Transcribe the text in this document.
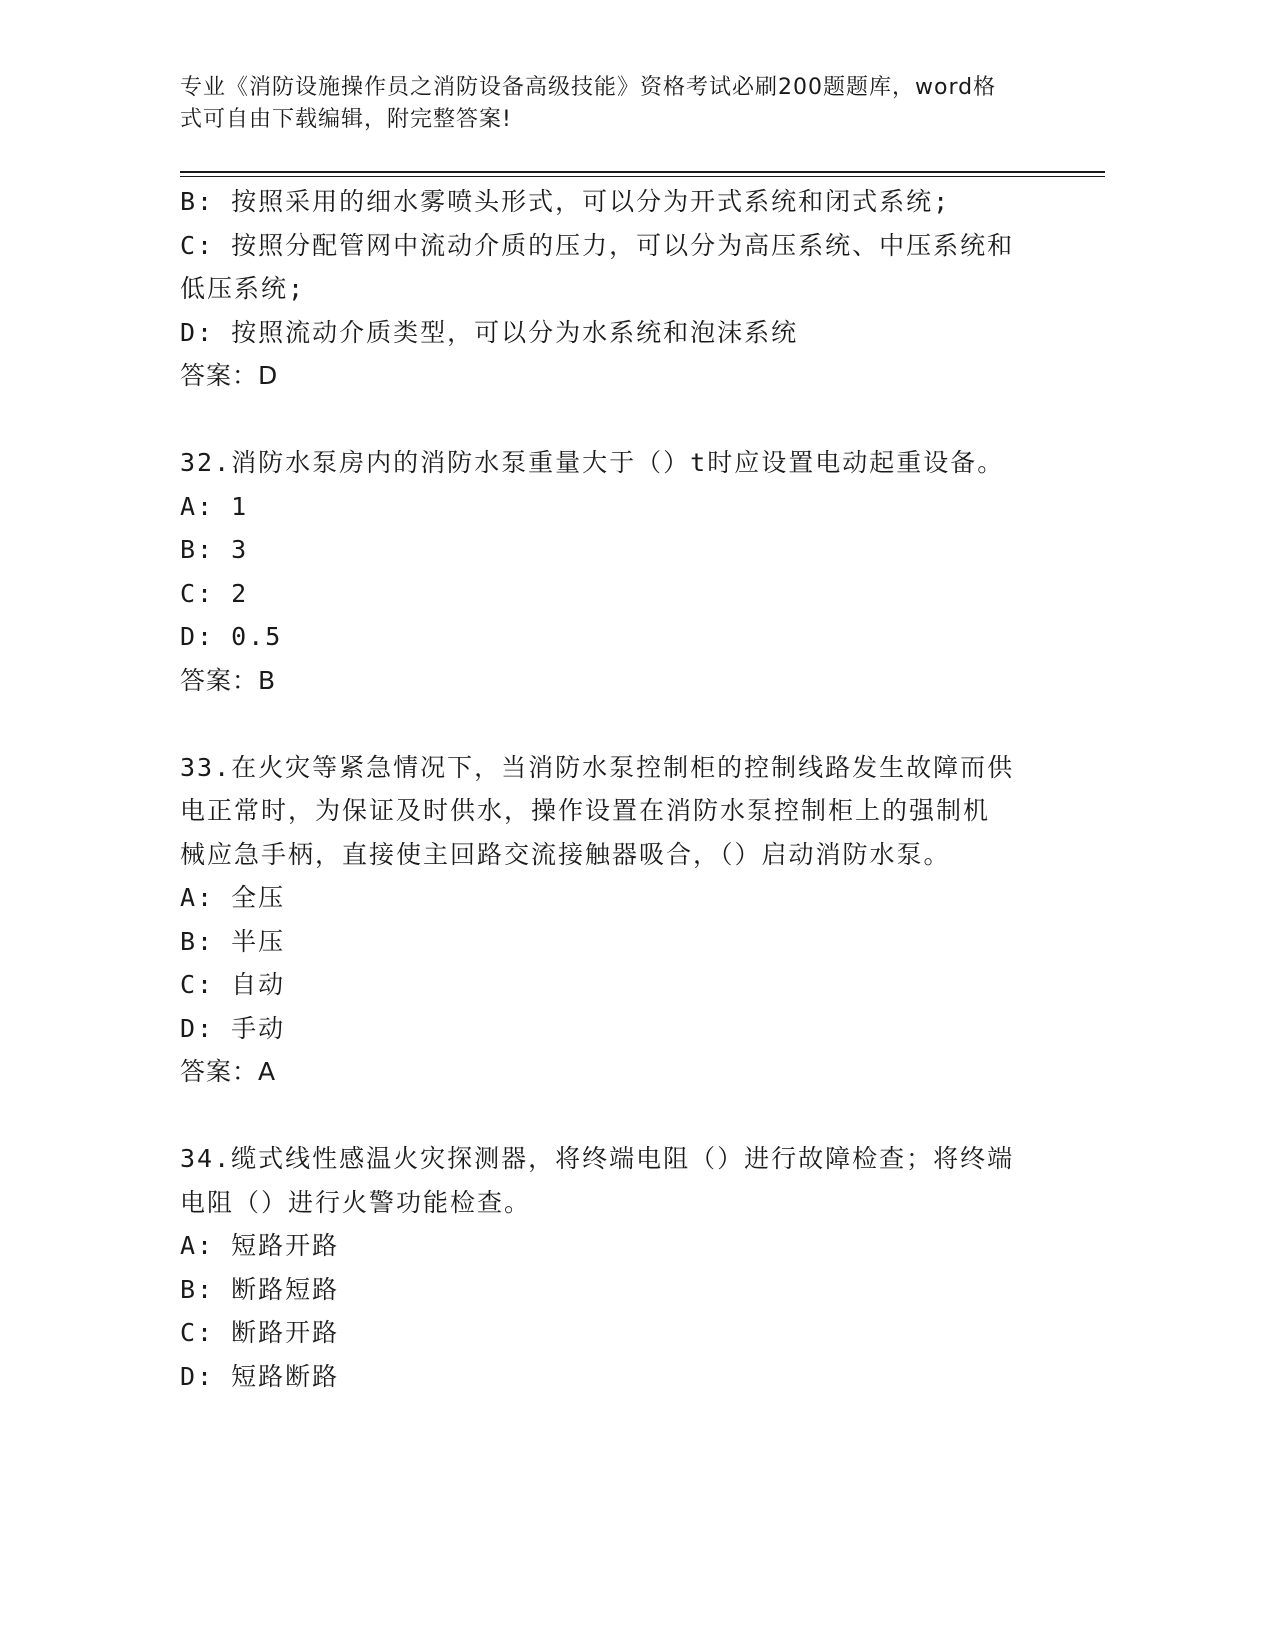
专业《消防设施操作员之消防设备高级技能》资格考试必刷200题题库，word格
式可自由下载编辑，附完整答案!
B: 按照采用的细水雾喷头形式，可以分为开式系统和闭式系统;
C: 按照分配管网中流动介质的压力，可以分为高压系统、中压系统和
低压系统;
D: 按照流动介质类型，可以分为水系统和泡沫系统
答案：D
32.消防水泵房内的消防水泵重量大于（）t时应设置电动起重设备。
A: 1
B: 3
C: 2
D: 0.5
答案：B
33.在火灾等紧急情况下，当消防水泵控制柜的控制线路发生故障而供
电正常时，为保证及时供水，操作设置在消防水泵控制柜上的强制机
械应急手柄，直接使主回路交流接触器吸合，（）启动消防水泵。
A: 全压
B: 半压
C: 自动
D: 手动
答案：A
34.缆式线性感温火灾探测器，将终端电阻（）进行故障检查；将终端
电阻（）进行火警功能检查。
A: 短路开路
B: 断路短路
C: 断路开路
D: 短路断路
